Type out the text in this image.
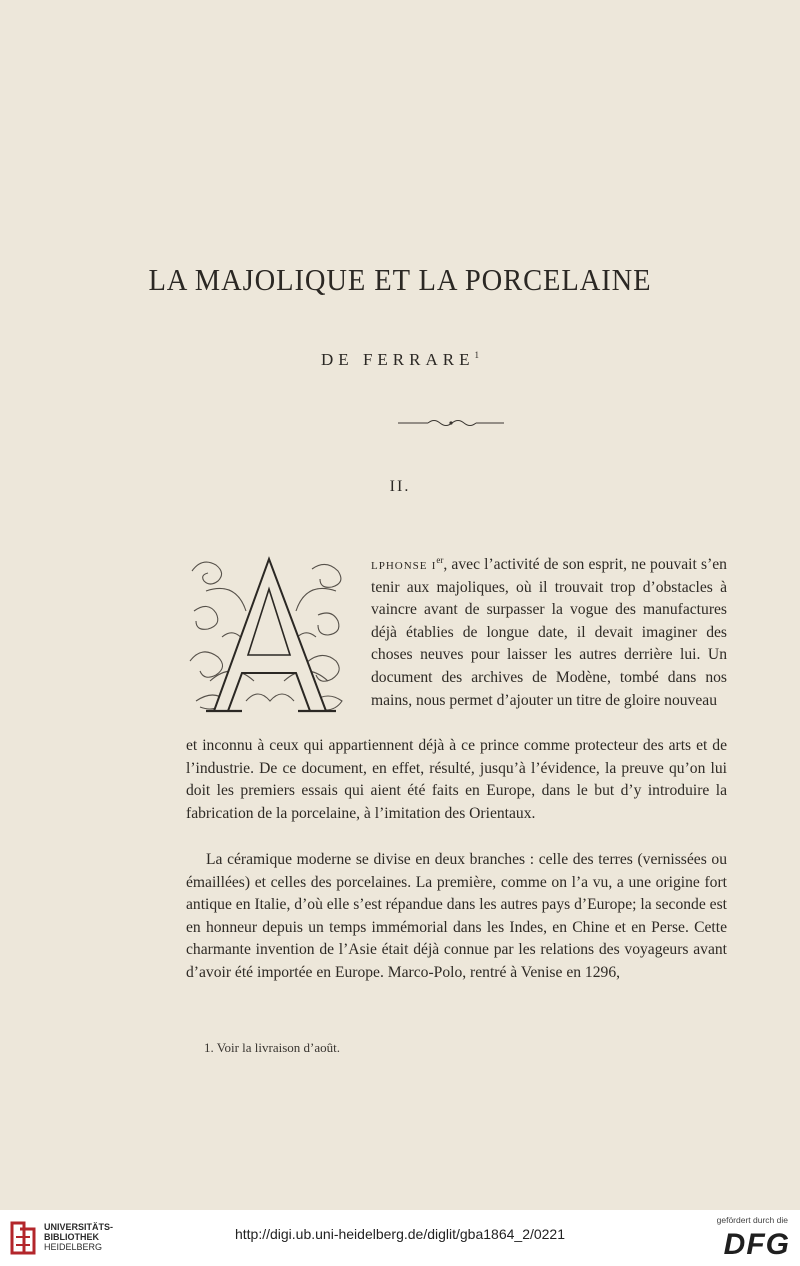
LA MAJOLIQUE ET LA PORCELAINE
DE FERRARE$^1$
II.

lphonse $i^{er}$, avec l’activité de son esprit, ne pouvait s’en tenir aux majoliques, où il trouvait trop d’obstacles à vaincre avant de surpasser la vogue des manufactures déjà établies de longue date, il devait imaginer des choses neuves pour laisser les autres derrière lui. Un document des archives de Modène, tombé dans nos mains, nous permet d’ajouter un titre de gloire nouveau

et inconnu à ceux qui appartiennent déjà à ce prince comme protecteur des arts et de l’industrie. De ce document, en effet, résulté, jusqu’à l’évidence, la preuve qu’on lui doit les premiers essais qui aient été faits en Europe, dans le but d’y introduire la fabrication de la porcelaine, à l’imitation des Orientaux.

La céramique moderne se divise en deux branches : celle des terres (vernissées ou émaillées) et celles des porcelaines. La première, comme on l’a vu, a une origine fort antique en Italie, d’où elle s’est répandue dans les autres pays d’Europe; la seconde est en honneur depuis un temps immémorial dans les Indes, en Chine et en Perse. Cette charmante invention de l’Asie était déjà connue par les relations des voyageurs avant d’avoir été importée en Europe. Marco-Polo, rentré à Venise en 1296,

1. Voir la livraison d’août.
UNIVERSITÄTS-
BIBLIOTHEK
HEIDELBERG
http://digi.ub.uni-heidelberg.de/diglit/gba1864_2/0221
gefördert durch die
DFG
